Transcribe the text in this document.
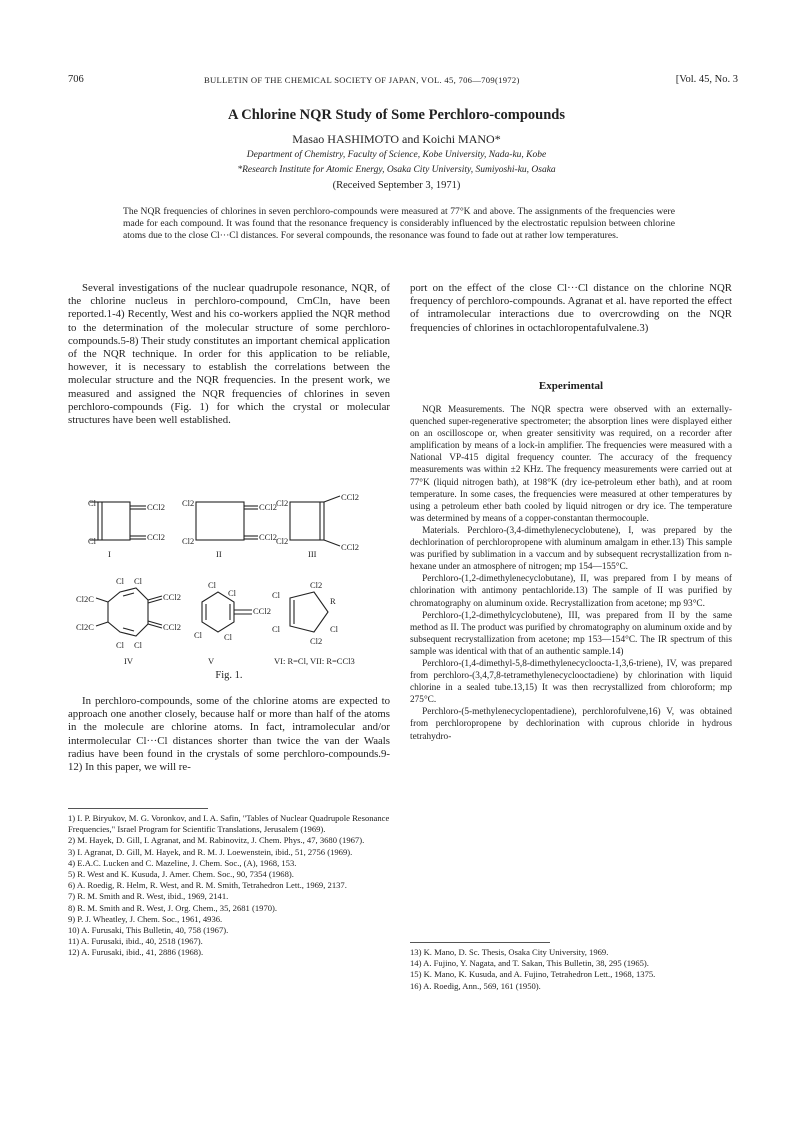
706	BULLETIN OF THE CHEMICAL SOCIETY OF JAPAN, VOL. 45, 706—709(1972)	[Vol. 45, No. 3
A Chlorine NQR Study of Some Perchloro-compounds
Masao HASHIMOTO and Koichi MANO*
Department of Chemistry, Faculty of Science, Kobe University, Nada-ku, Kobe
*Research Institute for Atomic Energy, Osaka City University, Sumiyoshi-ku, Osaka
(Received September 3, 1971)
The NQR frequencies of chlorines in seven perchloro-compounds were measured at 77°K and above. The assignments of the frequencies were made for each compound. It was found that the resonance frequency is considerably influenced by the electrostatic repulsion between chlorine atoms due to the close Cl···Cl distances. For several compounds, the resonance was found to fade out at rather low temperatures.
Several investigations of the nuclear quadrupole resonance, NQR, of the chlorine nucleus in perchloro-compound, CmCln, have been reported.1-4) Recently, West and his co-workers applied the NQR method to the determination of the molecular structure of some perchloro-compounds.5-8) Their study constitutes an important chemical application of the NQR technique. In order for this application to be reliable, however, it is necessary to establish the correlations between the molecular structure and the NQR frequencies. In the present work, we measured and assigned the NQR frequencies of chlorines in seven perchloro-compounds (Fig. 1) for which the crystal or molecular structures have been well established.
Cl
Cl
CCl2
CCl2
I
Cl2
Cl2
CCl2
CCl2
II
Cl2
Cl2
CCl2
CCl2
III
Cl Cl
Cl Cl
Cl2C
Cl2C
CCl2
CCl2
IV
Cl
Cl
Cl	Cl
CCl2
V
Cl2
R
Cl
Cl2
Cl
Cl
VI: R=Cl, VII: R=CCl3
Fig. 1.
In perchloro-compounds, some of the chlorine atoms are expected to approach one another closely, because half or more than half of the atoms in the molecule are chlorine atoms. In fact, intramolecular and/or intermolecular Cl···Cl distances shorter than twice the van der Waals radius have been found in the crystals of some perchloro-compounds.9-12) In this paper, we will re-

1) I. P. Biryukov, M. G. Voronkov, and I. A. Safin, "Tables of Nuclear Quadrupole Resonance Frequencies," Israel Program for Scientific Translations, Jerusalem (1969).

2) M. Hayek, D. Gill, I. Agranat, and M. Rabinovitz, J. Chem. Phys., 47, 3680 (1967).

3) I. Agranat, D. Gill, M. Hayek, and R. M. J. Loewenstein, ibid., 51, 2756 (1969).

4) E.A.C. Lucken and C. Mazeline, J. Chem. Soc., (A), 1968, 153.

5) R. West and K. Kusuda, J. Amer. Chem. Soc., 90, 7354 (1968).

6) A. Roedig, R. Helm, R. West, and R. M. Smith, Tetrahedron Lett., 1969, 2137.

7) R. M. Smith and R. West, ibid., 1969, 2141.

8) R. M. Smith and R. West, J. Org. Chem., 35, 2681 (1970).

9) P. J. Wheatley, J. Chem. Soc., 1961, 4936.

10) A. Furusaki, This Bulletin, 40, 758 (1967).

11) A. Furusaki, ibid., 40, 2518 (1967).

12) A. Furusaki, ibid., 41, 2886 (1968).

port on the effect of the close Cl···Cl distance on the chlorine NQR frequency of perchloro-compounds. Agranat et al. have reported the effect of intramolecular interactions due to overcrowding on the NQR frequencies of chlorines in octachloropentafulvalene.3)
Experimental

NQR Measurements. The NQR spectra were observed with an externally-quenched super-regenerative spectrometer; the absorption lines were displayed either on an oscilloscope or, when greater sensitivity was required, on a recorder after amplification by means of a lock-in amplifier. The frequencies were measured with a National VP-415 digital frequency counter. The accuracy of the frequency measurements was within ±2 KHz. The frequency measurements were carried out at 77°K (liquid nitrogen bath), at 198°K (dry ice-petroleum ether bath), and at room temperature. In some cases, the frequencies were measured at other temperatures by using a petroleum ether bath cooled by liquid nitrogen or dry ice. The temperature was determined by means of a copper-constantan thermocouple.

Materials. Perchloro-(3,4-dimethylenecyclobutene), I, was prepared by the dechlorination of perchloropropene with aluminum amalgam in ether.13) This sample was purified by sublimation in a vaccum and by subsequent recrystallization from n-hexane under an atmosphere of nitrogen; mp 154—155°C.

Perchloro-(1,2-dimethylenecyclobutane), II, was prepared from I by means of chlorination with antimony pentachloride.13) The sample of II was purified by chromatography on aluminum oxide. Recrystallization from acetone; mp 93°C.

Perchloro-(1,2-dimethylcyclobutene), III, was prepared from II by the same method as II. The product was purified by chromatography on aluminum oxide and by subsequent recrystallization from acetone; mp 153—154°C. The IR spectrum of this sample was identical with that of an authentic sample.14)

Perchloro-(1,4-dimethyl-5,8-dimethylenecycloocta-1,3,6-triene), IV, was prepared from perchloro-(3,4,7,8-tetramethylenecyclooctadiene) by chlorination with liquid chlorine in a sealed tube.13,15) It was then recrystallized from chloroform; mp 275°C.

Perchloro-(5-methylenecyclopentadiene), perchlorofulvene,16) V, was obtained from perchloropropene by dechlorination with cuprous chloride in hydrous tetrahydro-

13) K. Mano, D. Sc. Thesis, Osaka City University, 1969.

14) A. Fujino, Y. Nagata, and T. Sakan, This Bulletin, 38, 295 (1965).

15) K. Mano, K. Kusuda, and A. Fujino, Tetrahedron Lett., 1968, 1375.

16) A. Roedig, Ann., 569, 161 (1950).
